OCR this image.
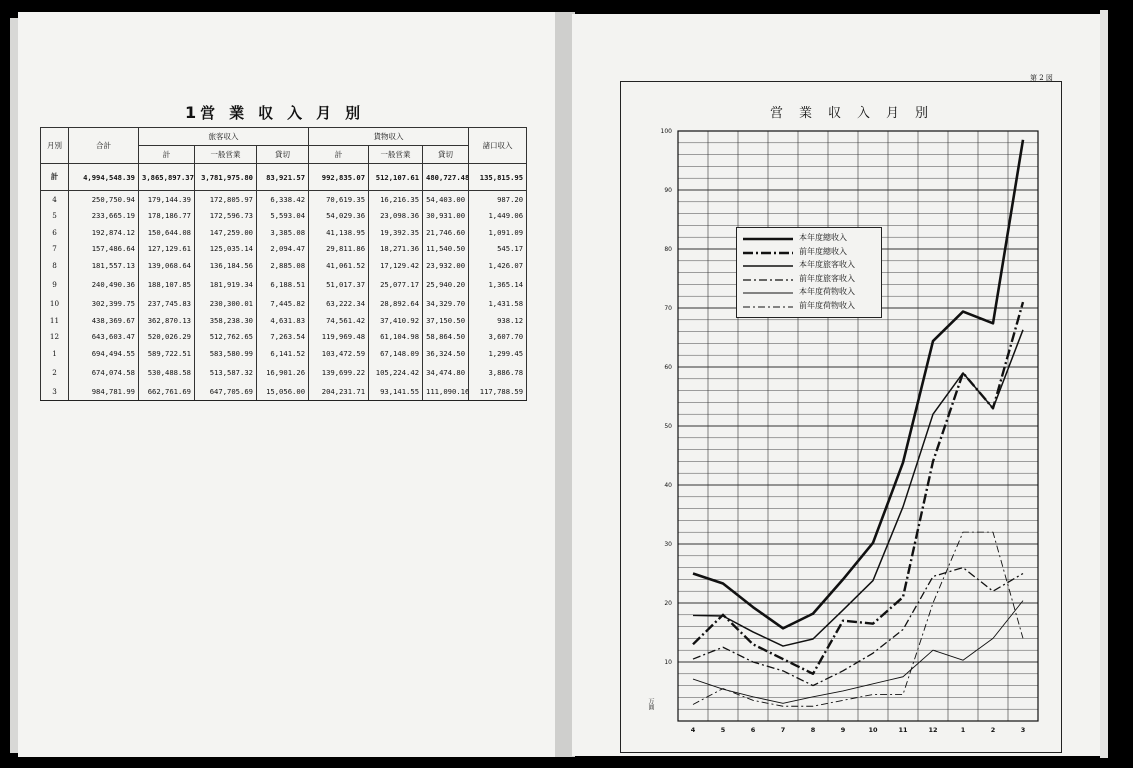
1営業収入月別
月別	合計	旅客収入			貨物収入			諸口収入
		計	一般営業	貸切	計	一般営業	貸切	
計	4,994,548.39	3,865,897.37	3,781,975.80	83,921.57	992,835.07	512,107.61	480,727.48	135,815.95
4	250,750.94	179,144.39	172,805.97	6,338.42	70,619.35	16,216.35	54,403.00	987.20
5	233,665.19	178,186.77	172,596.73	5,593.04	54,029.36	23,098.36	30,931.00	1,449.06
6	192,874.12	150,644.08	147,259.00	3,385.08	41,138.95	19,392.35	21,746.60	1,091.09
7	157,486.64	127,129.61	125,035.14	2,094.47	29,811.86	18,271.36	11,540.50	545.17
8	181,557.13	139,068.64	136,184.56	2,885.08	41,061.52	17,129.42	23,932.00	1,426.07
9	240,490.36	188,107.85	181,919.34	6,188.51	51,017.37	25,077.17	25,940.20	1,365.14
10	302,399.75	237,745.83	230,300.01	7,445.82	63,222.34	28,892.64	34,329.70	1,431.58
11	438,369.67	362,870.13	358,238.30	4,631.83	74,561.42	37,410.92	37,150.50	938.12
12	643,603.47	520,026.29	512,762.65	7,263.54	119,969.48	61,104.98	58,864.50	3,607.70
1	694,494.55	589,722.51	583,580.99	6,141.52	103,472.59	67,148.09	36,324.50	1,299.45
2	674,074.58	530,488.58	513,587.32	16,901.26	139,699.22	105,224.42	34,474.80	3,886.78
3	984,781.99	662,761.69	647,705.69	15,056.00	204,231.71	93,141.55	111,090.16	117,788.59
第 2 図
10
20
30
40
50
60
70
80
90
100
4	5	6	7	8	9	10	11	12	1	2	3
営業収入月別
万圓
本年度總收入
前年度總收入
本年度旅客收入
前年度旅客收入
本年度荷物收入
前年度荷物收入
